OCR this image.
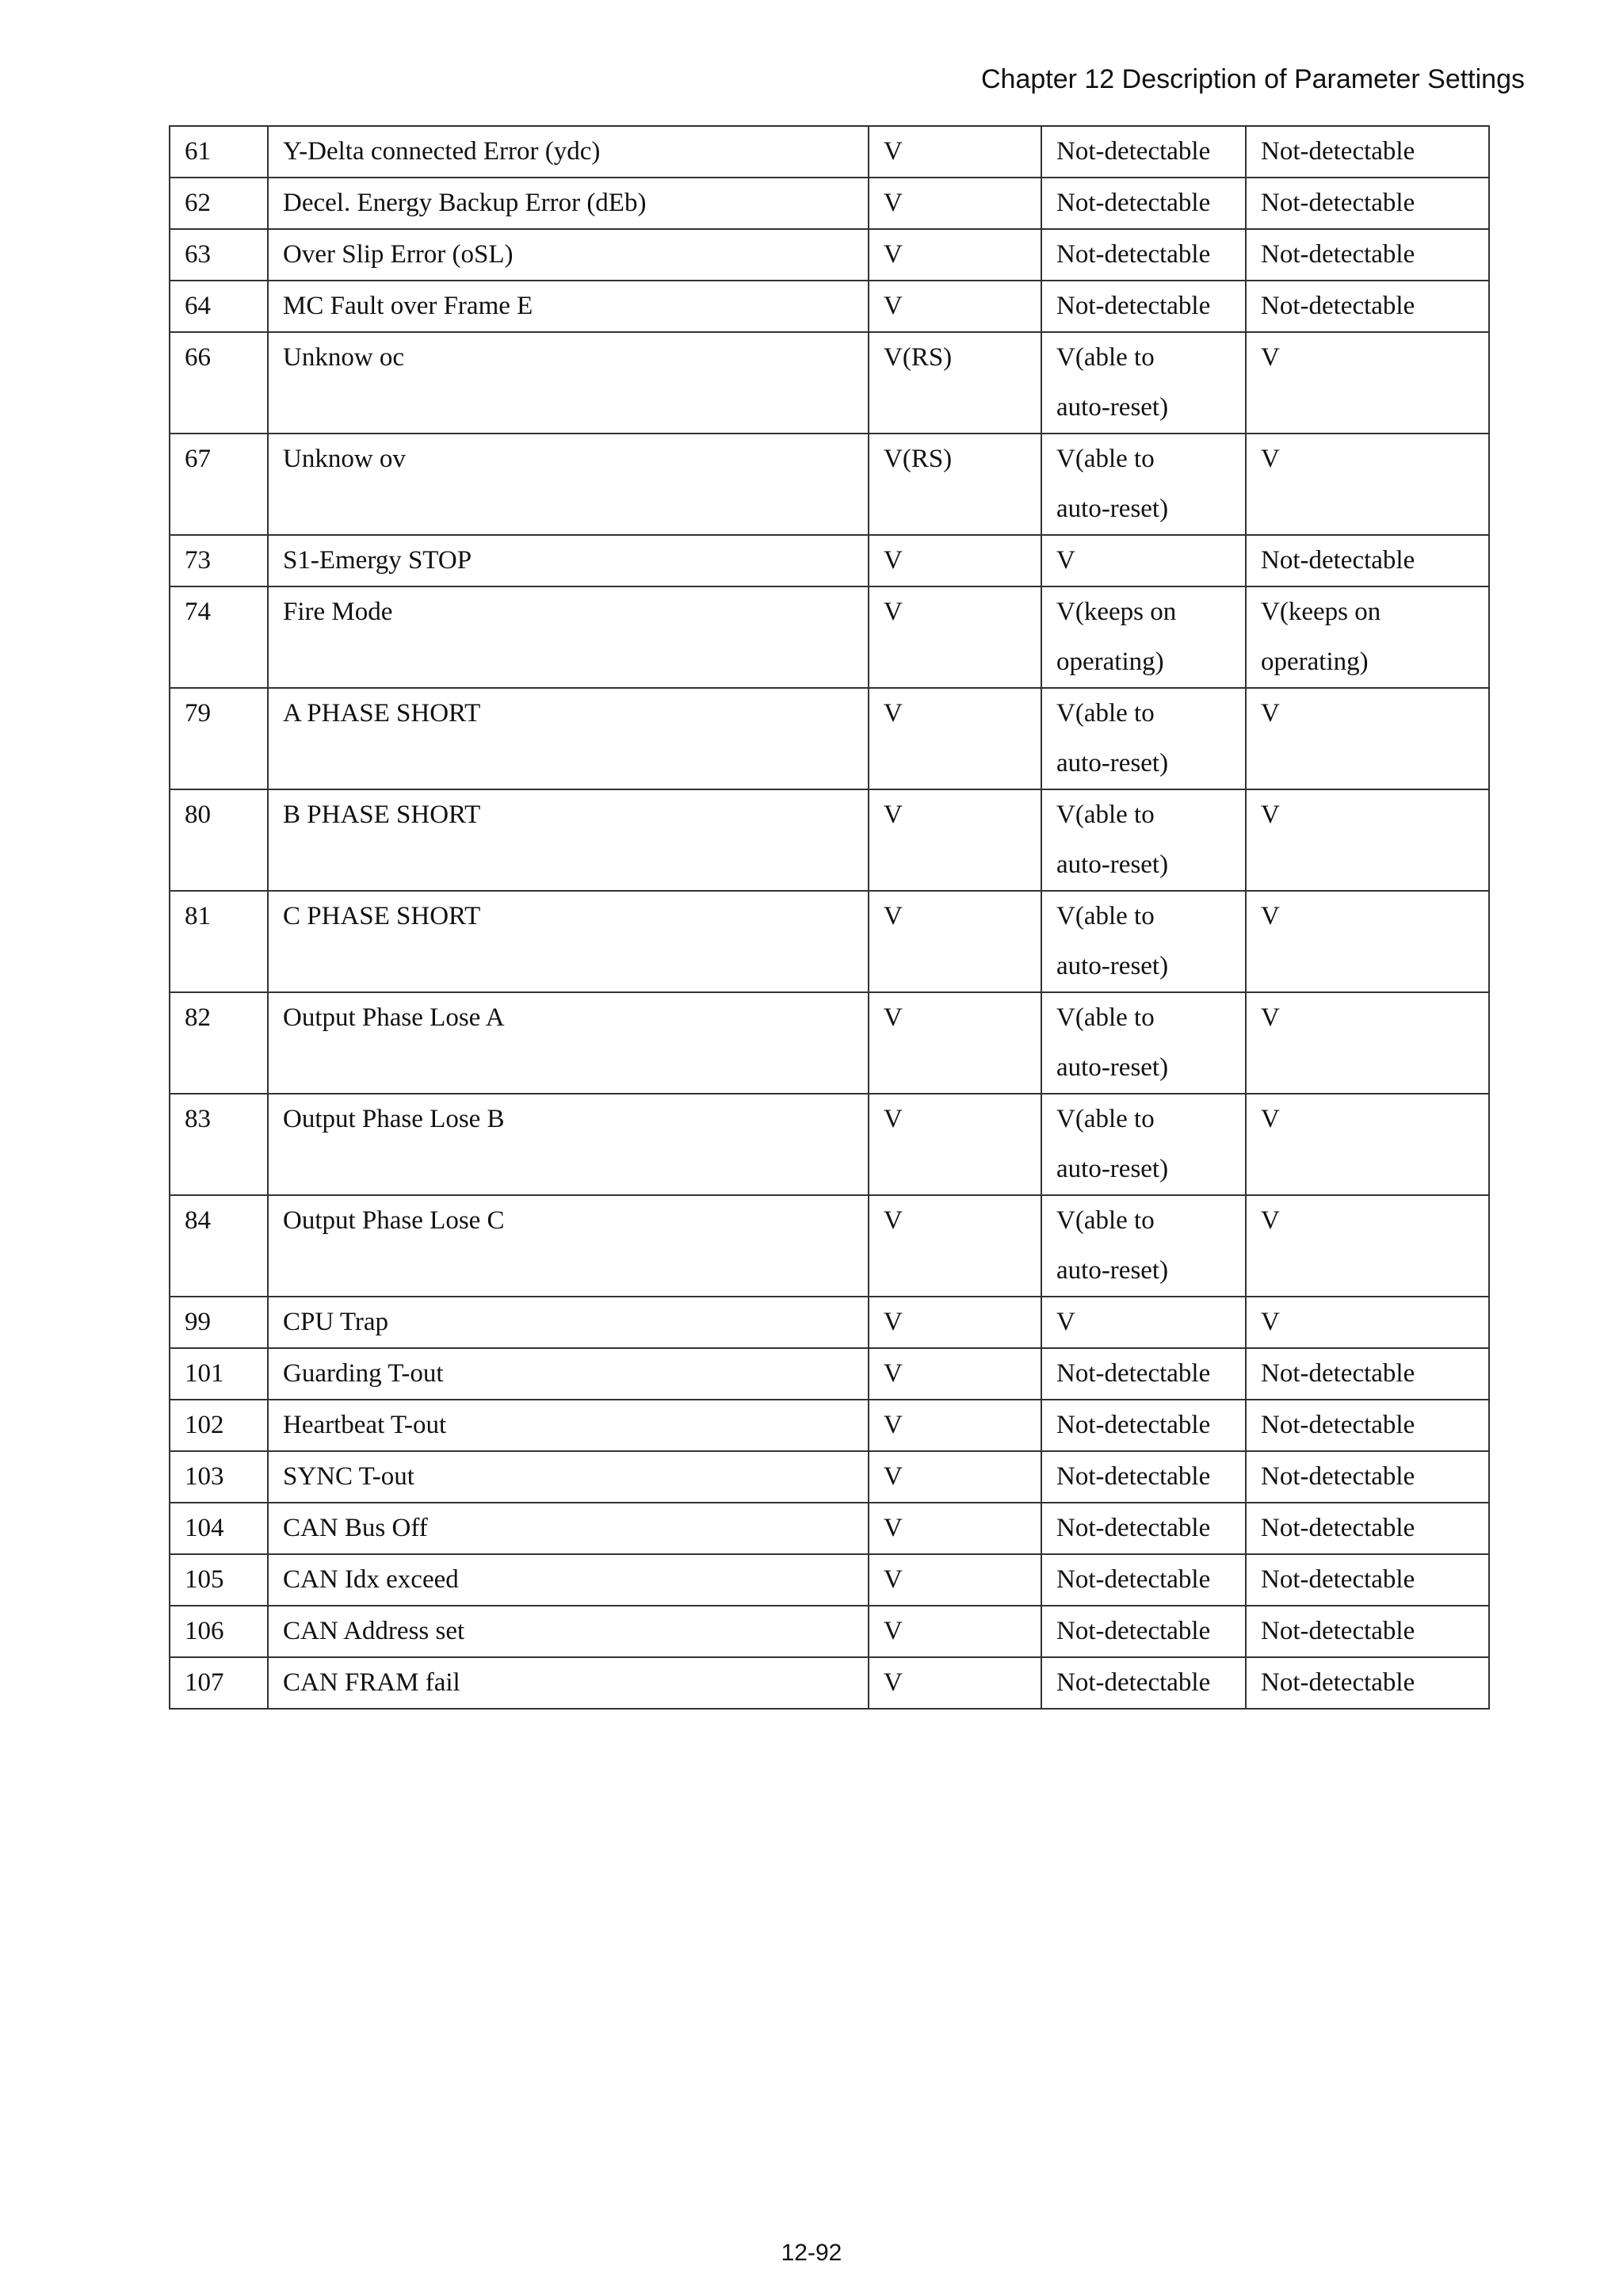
Chapter 12 Description of Parameter Settings
61	Y-Delta connected Error (ydc)	V	Not-detectable	Not-detectable

62	Decel. Energy Backup Error (dEb)	V	Not-detectable	Not-detectable

63	Over Slip Error (oSL)	V	Not-detectable	Not-detectable

64	MC Fault over Frame E	V	Not-detectable	Not-detectable

66	Unknow oc	V(RS)	V(able to
auto-reset)	V

67	Unknow ov	V(RS)	V(able to
auto-reset)	V

73	S1-Emergy STOP	V	V	Not-detectable

74	Fire Mode	V	V(keeps on
operating)	V(keeps on
operating)

79	A PHASE SHORT	V	V(able to
auto-reset)	V

80	B PHASE SHORT	V	V(able to
auto-reset)	V

81	C PHASE SHORT	V	V(able to
auto-reset)	V

82	Output Phase Lose A	V	V(able to
auto-reset)	V

83	Output Phase Lose B	V	V(able to
auto-reset)	V

84	Output Phase Lose C	V	V(able to
auto-reset)	V

99	CPU Trap	V	V	V

101	Guarding T-out	V	Not-detectable	Not-detectable

102	Heartbeat T-out	V	Not-detectable	Not-detectable

103	SYNC T-out	V	Not-detectable	Not-detectable

104	CAN Bus Off	V	Not-detectable	Not-detectable

105	CAN Idx exceed	V	Not-detectable	Not-detectable

106	CAN Address set	V	Not-detectable	Not-detectable

107	CAN FRAM fail	V	Not-detectable	Not-detectable
12-92
